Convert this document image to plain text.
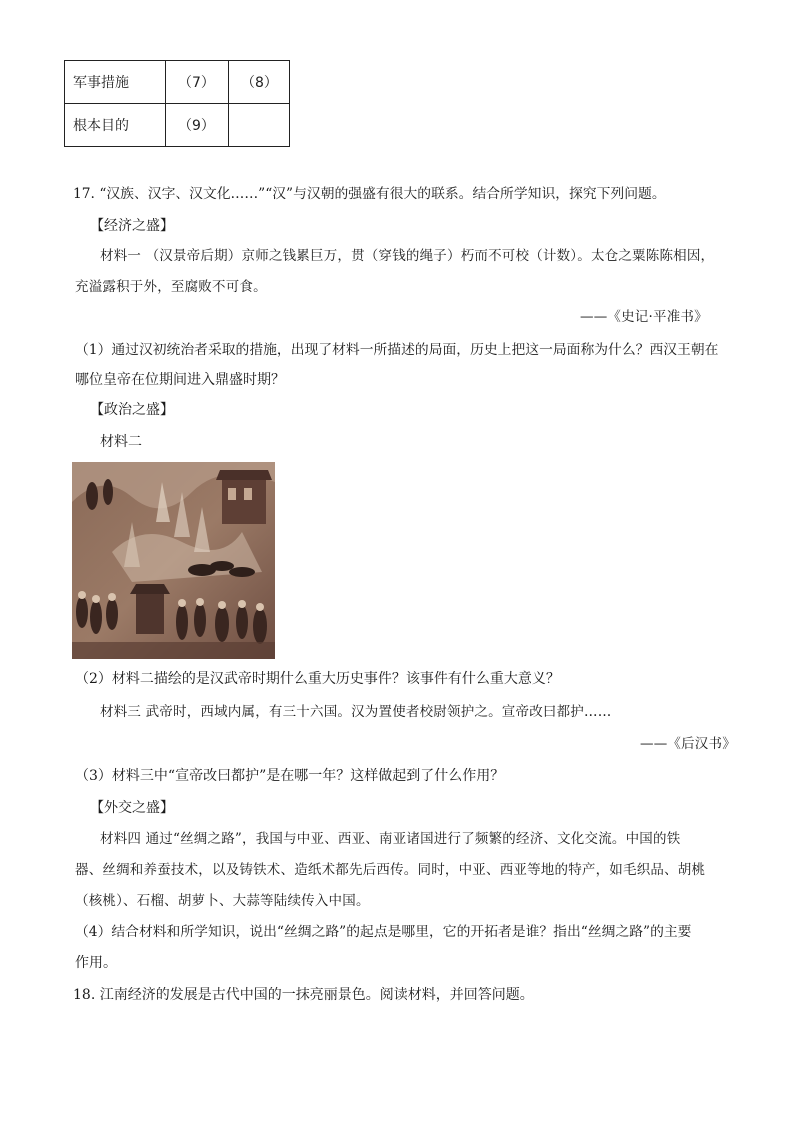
军事措施	（7）	（8）
根本目的	（9）	
17. “汉族、汉字、汉文化……”“汉”与汉朝的强盛有很大的联系。结合所学知识，探究下列问题。
【经济之盛】
材料一 （汉景帝后期）京师之钱累巨万，贯（穿钱的绳子）朽而不可校（计数）。太仓之粟陈陈相因，
充溢露积于外，至腐败不可食。
——《史记·平准书》
（1）通过汉初统治者采取的措施，出现了材料一所描述的局面，历史上把这一局面称为什么？西汉王朝在
哪位皇帝在位期间进入鼎盛时期？
【政治之盛】
材料二
（2）材料二描绘的是汉武帝时期什么重大历史事件？该事件有什么重大意义？
材料三 武帝时，西域内属，有三十六国。汉为置使者校尉领护之。宣帝改曰都护……
——《后汉书》
（3）材料三中“宣帝改曰都护”是在哪一年？这样做起到了什么作用？
【外交之盛】
材料四 通过“丝绸之路”，我国与中亚、西亚、南亚诸国进行了频繁的经济、文化交流。中国的铁
器、丝绸和养蚕技术，以及铸铁术、造纸术都先后西传。同时，中亚、西亚等地的特产，如毛织品、胡桃
（核桃）、石榴、胡萝卜、大蒜等陆续传入中国。
（4）结合材料和所学知识，说出“丝绸之路”的起点是哪里，它的开拓者是谁？指出“丝绸之路”的主要
作用。
18. 江南经济的发展是古代中国的一抹亮丽景色。阅读材料，并回答问题。
